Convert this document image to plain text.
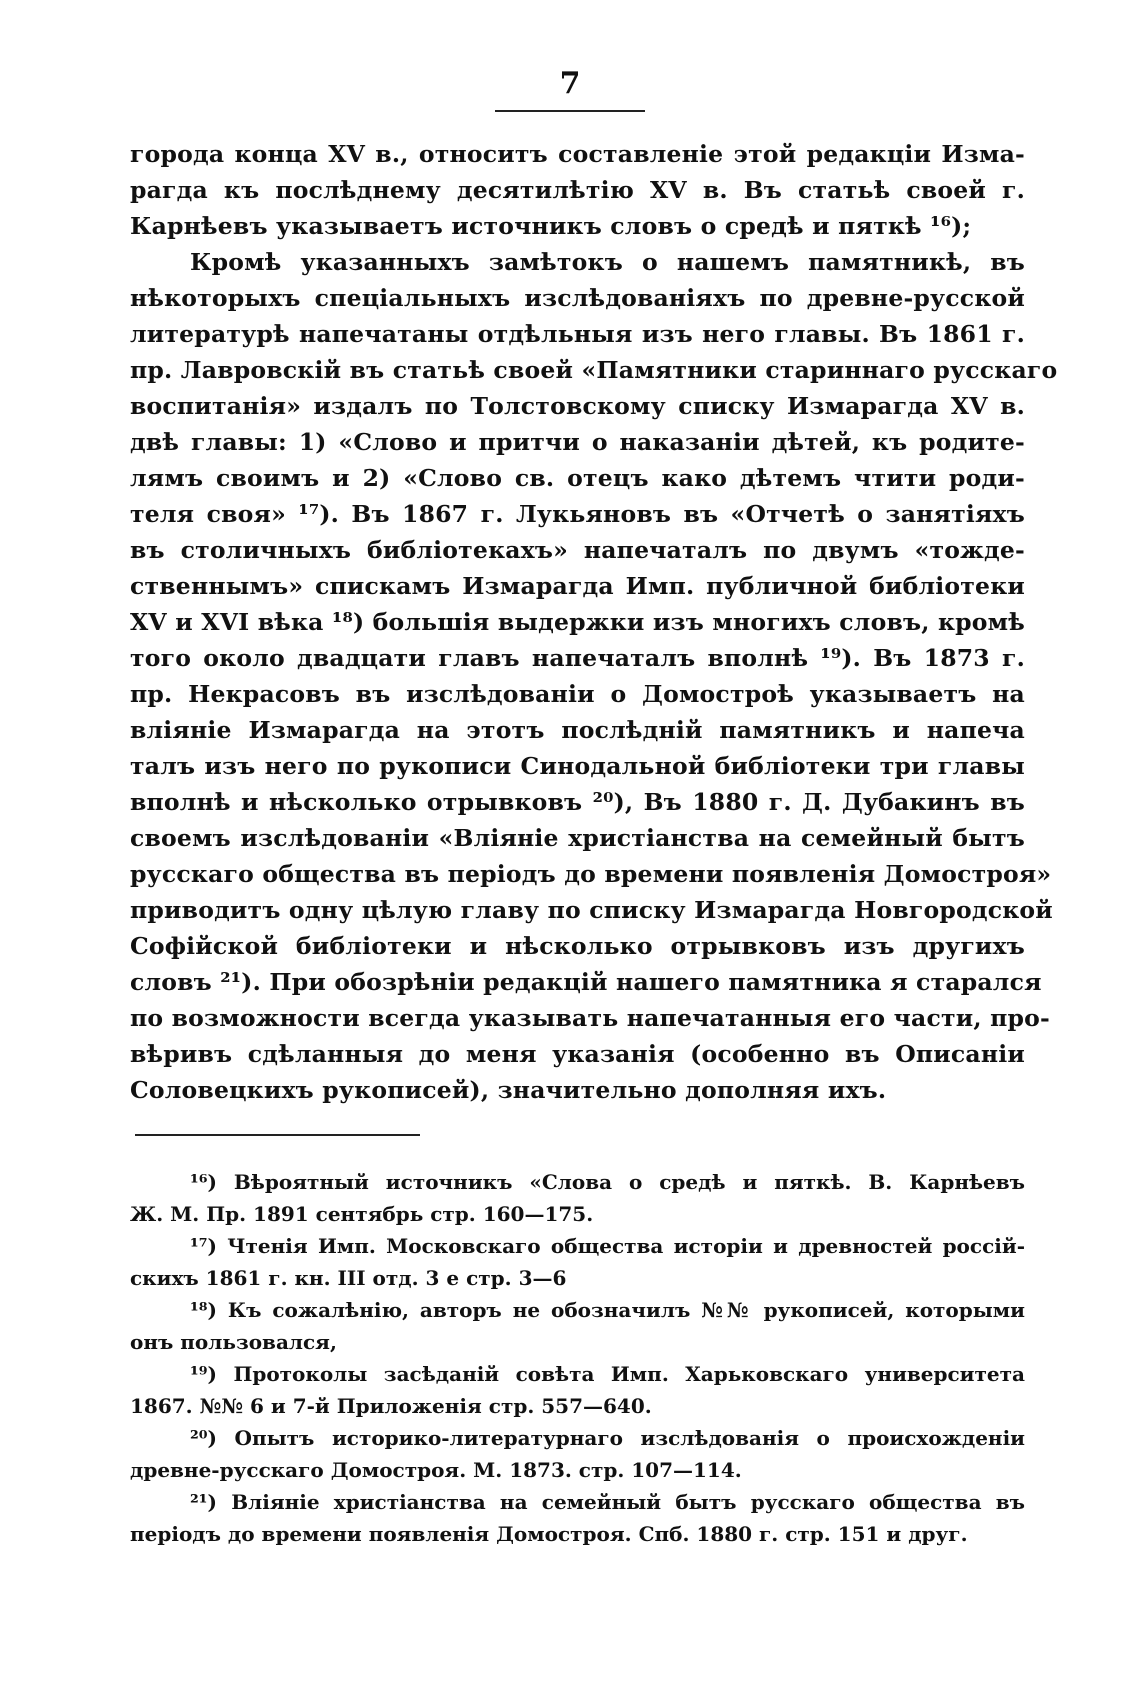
7
города конца XV в., относитъ составленіе этой редакціи Изма-
рагда къ послѣднему десятилѣтію XV в. Въ статьѣ своей г.
Карнѣевъ указываетъ источникъ словъ о средѣ и пяткѣ ¹⁶);
Кромѣ указанныхъ замѣтокъ о нашемъ памятникѣ, въ
нѣкоторыхъ спеціальныхъ изслѣдованіяхъ по древне-русской
литературѣ напечатаны отдѣльныя изъ него главы. Въ 1861 г.
пр. Лавровскій въ статьѣ своей «Памятники стариннаго русскаго
воспитанія» издалъ по Толстовскому списку Измарагда XV в.
двѣ главы: 1) «Слово и притчи о наказаніи дѣтей, къ родите-
лямъ своимъ и 2) «Слово св. отецъ како дѣтемъ чтити роди-
теля своя» ¹⁷). Въ 1867 г. Лукьяновъ въ «Отчетѣ о занятіяхъ
въ столичныхъ библіотекахъ» напечаталъ по двумъ «тожде-
ственнымъ» спискамъ Измарагда Имп. публичной библіотеки
XV и XVI вѣка ¹⁸) большія выдержки изъ многихъ словъ, кромѣ
того около двадцати главъ напечаталъ вполнѣ ¹⁹). Въ 1873 г.
пр. Некрасовъ въ изслѣдованіи о Домостроѣ указываетъ на
вліяніе Измарагда на этотъ послѣдній памятникъ и напеча
талъ изъ него по рукописи Синодальной библіотеки три главы
вполнѣ и нѣсколько отрывковъ ²⁰), Въ 1880 г. Д. Дубакинъ въ
своемъ изслѣдованіи «Вліяніе христіанства на семейный бытъ
русскаго общества въ періодъ до времени появленія Домостроя»
приводитъ одну цѣлую главу по списку Измарагда Новгородской
Софійской библіотеки и нѣсколько отрывковъ изъ другихъ
словъ ²¹). При обозрѣніи редакцій нашего памятника я старался
по возможности всегда указывать напечатанныя его части, про-
вѣривъ сдѣланныя до меня указанія (особенно въ Описаніи
Соловецкихъ рукописей), значительно дополняя ихъ.
¹⁶) Вѣроятный источникъ «Слова о средѣ и пяткѣ. В. Карнѣевъ
Ж. М. Пр. 1891 сентябрь стр. 160—175.
¹⁷) Чтенія Имп. Московскаго общества исторіи и древностей россій-
скихъ 1861 г. кн. III отд. 3 е стр. 3—6
¹⁸) Къ сожалѣнію, авторъ не обозначилъ №№ рукописей, которыми
онъ пользовался,
¹⁹) Протоколы засѣданій совѣта Имп. Харьковскаго университета
1867. №№ 6 и 7-й Приложенія стр. 557—640.
²⁰) Опытъ историко-литературнаго изслѣдованія о происхожденіи
древне-русскаго Домостроя. М. 1873. стр. 107—114.
²¹) Вліяніе христіанства на семейный бытъ русскаго общества въ
періодъ до времени появленія Домостроя. Спб. 1880 г. стр. 151 и друг.
